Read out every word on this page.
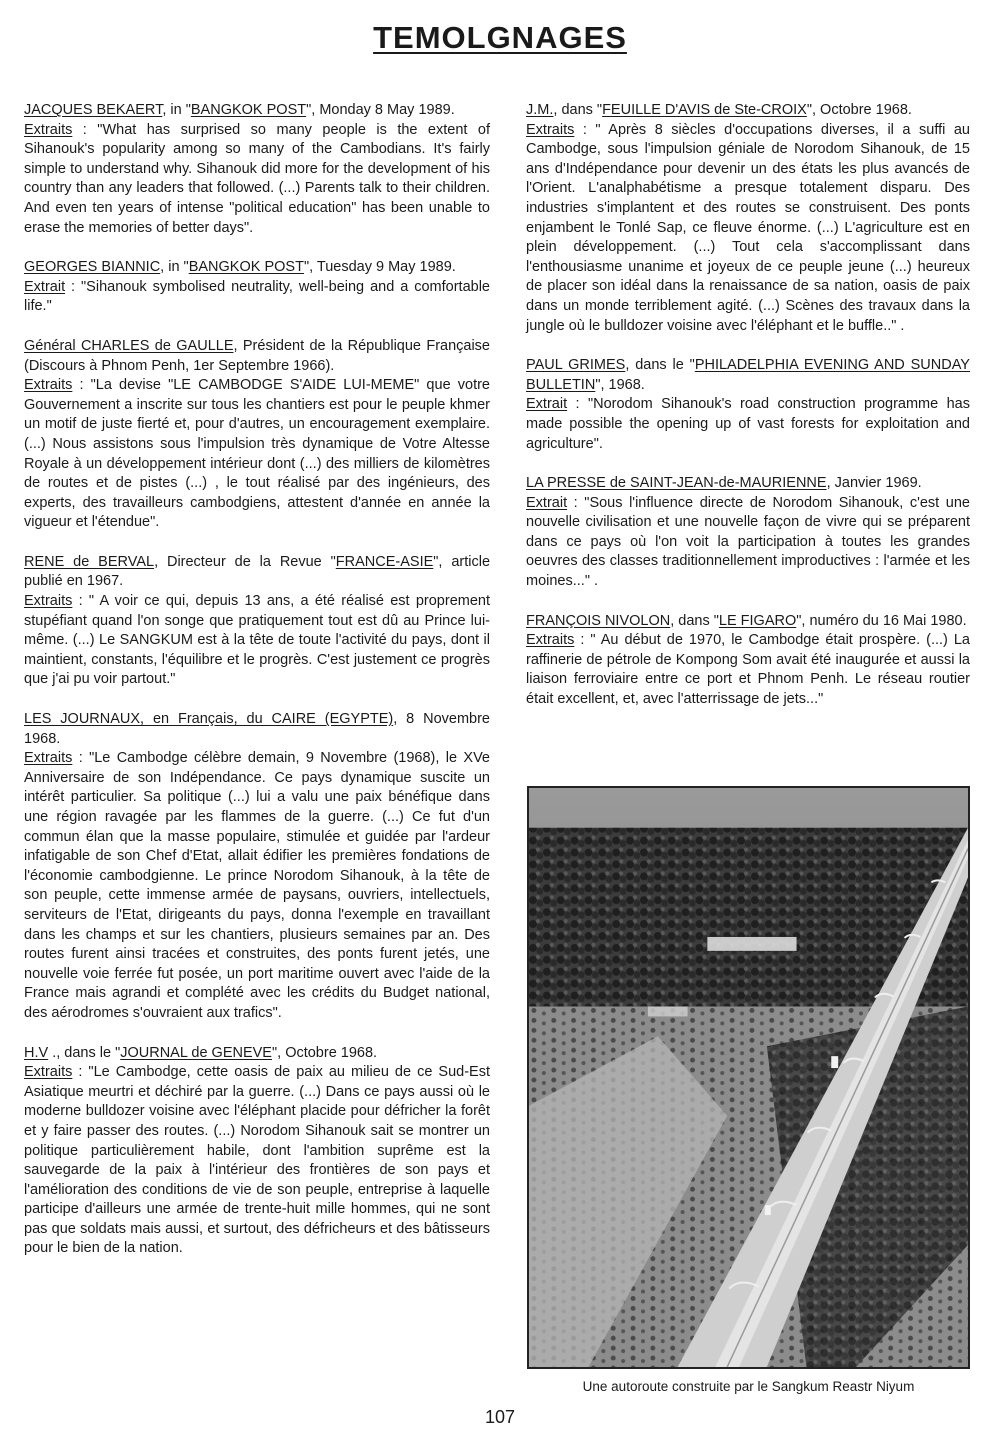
TEMOLGNAGES

JACQUES BEKAERT, in "BANGKOK POST", Monday 8 May 1989.
Extraits : "What has surprised so many people is the extent of Sihanouk's popularity among so many of the Cambodians. It's fairly simple to understand why. Sihanouk did more for the development of his country than any leaders that followed. (...) Parents talk to their children. And even ten years of intense "political education" has been unable to erase the memories of better days".

GEORGES BIANNIC, in "BANGKOK POST", Tuesday 9 May 1989.
Extrait : "Sihanouk symbolised neutrality, well-being and a comfortable life."

Général CHARLES de GAULLE, Président de la République Française (Discours à Phnom Penh, 1er Septembre 1966).
Extraits : "La devise "LE CAMBODGE S'AIDE LUI-MEME" que votre Gouvernement a inscrite sur tous les chantiers est pour le peuple khmer un motif de juste fierté et, pour d'autres, un encouragement exemplaire. (...) Nous assistons sous l'impulsion très dynamique de Votre Altesse Royale à un développement intérieur dont (...) des milliers de kilomètres de routes et de pistes (...) , le tout réalisé par des ingénieurs, des experts, des travailleurs cambodgiens, attestent d'année en année la vigueur et l'étendue".

RENE de BERVAL, Directeur de la Revue "FRANCE-ASIE", article publié en 1967.
Extraits : " A voir ce qui, depuis 13 ans, a été réalisé est proprement stupéfiant quand l'on songe que pratiquement tout est dû au Prince lui-même. (...) Le SANGKUM est à la tête de toute l'activité du pays, dont il maintient, constants, l'équilibre et le progrès. C'est justement ce progrès que j'ai pu voir partout."

LES JOURNAUX, en Français, du CAIRE (EGYPTE), 8 Novembre 1968.
Extraits : "Le Cambodge célèbre demain, 9 Novembre (1968), le XVe Anniversaire de son Indépendance. Ce pays dynamique suscite un intérêt particulier. Sa politique (...) lui a valu une paix bénéfique dans une région ravagée par les flammes de la guerre. (...) Ce fut d'un commun élan que la masse populaire, stimulée et guidée par l'ardeur infatigable de son Chef d'Etat, allait édifier les premières fondations de l'économie cambodgienne. Le prince Norodom Sihanouk, à la tête de son peuple, cette immense armée de paysans, ouvriers, intellectuels, serviteurs de l'Etat, dirigeants du pays, donna l'exemple en travaillant dans les champs et sur les chantiers, plusieurs semaines par an. Des routes furent ainsi tracées et construites, des ponts furent jetés, une nouvelle voie ferrée fut posée, un port maritime ouvert avec l'aide de la France mais agrandi et complété avec les crédits du Budget national, des aérodromes s'ouvraient aux trafics".

H.V ., dans le "JOURNAL de GENEVE", Octobre 1968.
Extraits : "Le Cambodge, cette oasis de paix au milieu de ce Sud-Est Asiatique meurtri et déchiré par la guerre. (...) Dans ce pays aussi où le moderne bulldozer voisine avec l'éléphant placide pour défricher la forêt et y faire passer des routes. (...) Norodom Sihanouk sait se montrer un politique particulièrement habile, dont l'ambition suprême est la sauvegarde de la paix à l'intérieur des frontières de son pays et l'amélioration des conditions de vie de son peuple, entreprise à laquelle participe d'ailleurs une armée de trente-huit mille hommes, qui ne sont pas que soldats mais aussi, et surtout, des défricheurs et des bâtisseurs pour le bien de la nation.

J.M., dans "FEUILLE D'AVIS de Ste-CROIX", Octobre 1968.
Extraits : " Après 8 siècles d'occupations diverses, il a suffi au Cambodge, sous l'impulsion géniale de Norodom Sihanouk, de 15 ans d'Indépendance pour devenir un des états les plus avancés de l'Orient. L'analphabétisme a presque totalement disparu. Des industries s'implantent et des routes se construisent. Des ponts enjambent le Tonlé Sap, ce fleuve énorme. (...) L'agriculture est en plein développement. (...) Tout cela s'accomplissant dans l'enthousiasme unanime et joyeux de ce peuple jeune (...) heureux de placer son idéal dans la renaissance de sa nation, oasis de paix dans un monde terriblement agité. (...) Scènes des travaux dans la jungle où le bulldozer voisine avec l'éléphant et le buffle.." .

PAUL GRIMES, dans le "PHILADELPHIA EVENING AND SUNDAY BULLETIN", 1968.
Extrait : "Norodom Sihanouk's road construction programme has made possible the opening up of vast forests for exploitation and agriculture".

LA PRESSE de SAINT-JEAN-de-MAURIENNE, Janvier 1969.
Extrait : "Sous l'influence directe de Norodom Sihanouk, c'est une nouvelle civilisation et une nouvelle façon de vivre qui se préparent dans ce pays où l'on voit la participation à toutes les grandes oeuvres des classes traditionnellement improductives : l'armée et les moines..." .

FRANÇOIS NIVOLON, dans "LE FIGARO", numéro du 16 Mai 1980.
Extraits : " Au début de 1970, le Cambodge était prospère. (...) La raffinerie de pétrole de Kompong Som avait été inaugurée et aussi la liaison ferroviaire entre ce port et Phnom Penh. Le réseau routier était excellent, et, avec l'atterrissage de jets..."

Une autoroute construite par le Sangkum Reastr Niyum
107
